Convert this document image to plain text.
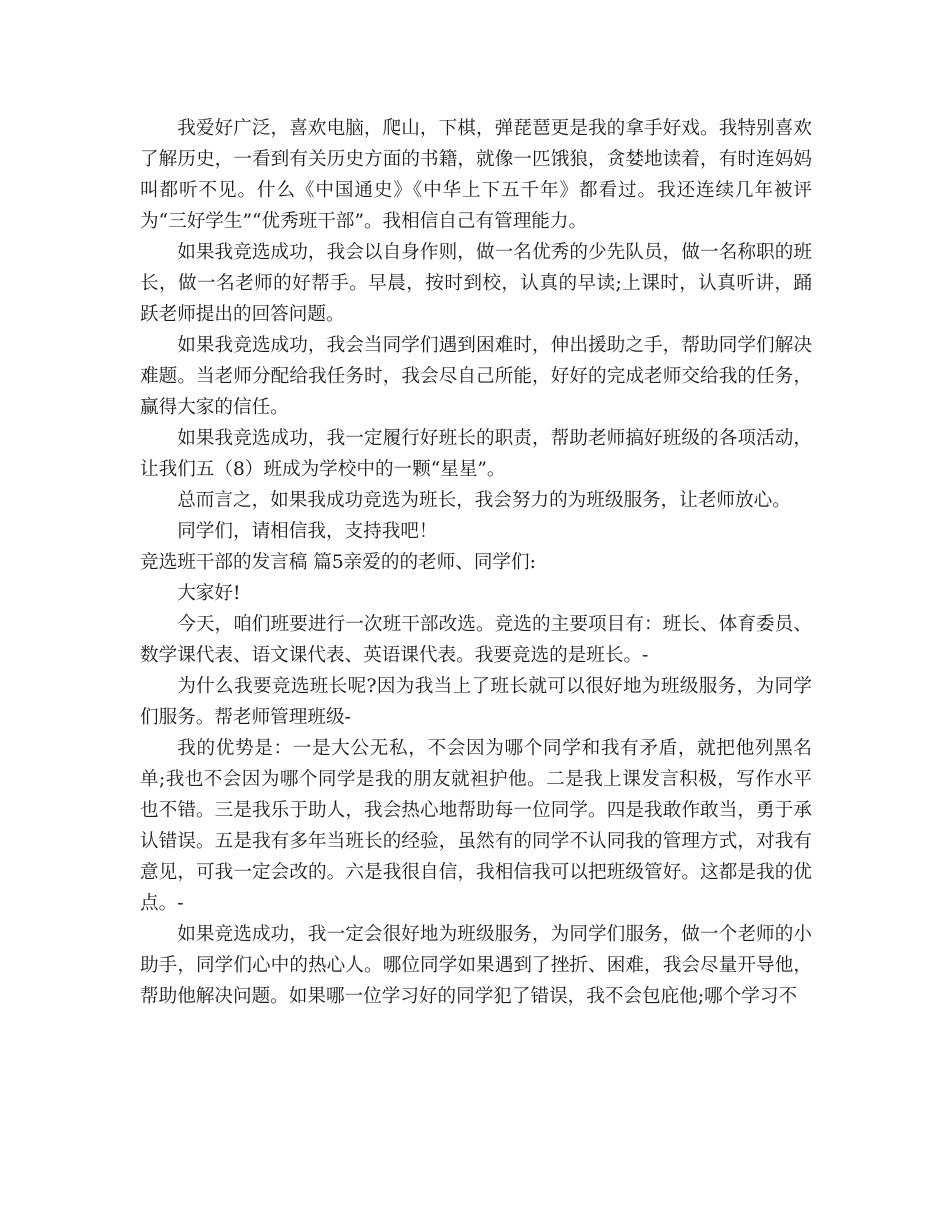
我爱好广泛，喜欢电脑，爬山，下棋，弹琵琶更是我的拿手好戏。我特别喜欢了解历史，一看到有关历史方面的书籍，就像一匹饿狼，贪婪地读着，有时连妈妈叫都听不见。什么《中国通史》《中华上下五千年》都看过。我还连续几年被评为“三好学生”“优秀班干部”。我相信自己有管理能力。

如果我竞选成功，我会以自身作则，做一名优秀的少先队员，做一名称职的班长，做一名老师的好帮手。早晨，按时到校，认真的早读;上课时，认真听讲，踊跃老师提出的回答问题。

如果我竞选成功，我会当同学们遇到困难时，伸出援助之手，帮助同学们解决难题。当老师分配给我任务时，我会尽自己所能，好好的完成老师交给我的任务，赢得大家的信任。

如果我竞选成功，我一定履行好班长的职责，帮助老师搞好班级的各项活动，让我们五（8）班成为学校中的一颗“星星”。

总而言之，如果我成功竞选为班长，我会努力的为班级服务，让老师放心。

同学们，请相信我，支持我吧！

竞选班干部的发言稿 篇5亲爱的的老师、同学们:

大家好!

今天，咱们班要进行一次班干部改选。竞选的主要项目有：班长、体育委员、数学课代表、语文课代表、英语课代表。我要竞选的是班长。-

为什么我要竞选班长呢?因为我当上了班长就可以很好地为班级服务，为同学们服务。帮老师管理班级-

我的优势是：一是大公无私，不会因为哪个同学和我有矛盾，就把他列黑名单;我也不会因为哪个同学是我的朋友就袒护他。二是我上课发言积极，写作水平也不错。三是我乐于助人，我会热心地帮助每一位同学。四是我敢作敢当，勇于承认错误。五是我有多年当班长的经验，虽然有的同学不认同我的管理方式，对我有意见，可我一定会改的。六是我很自信，我相信我可以把班级管好。这都是我的优点。-

如果竞选成功，我一定会很好地为班级服务，为同学们服务，做一个老师的小助手，同学们心中的热心人。哪位同学如果遇到了挫折、困难，我会尽量开导他，帮助他解决问题。如果哪一位学习好的同学犯了错误，我不会包庇他;哪个学习不
